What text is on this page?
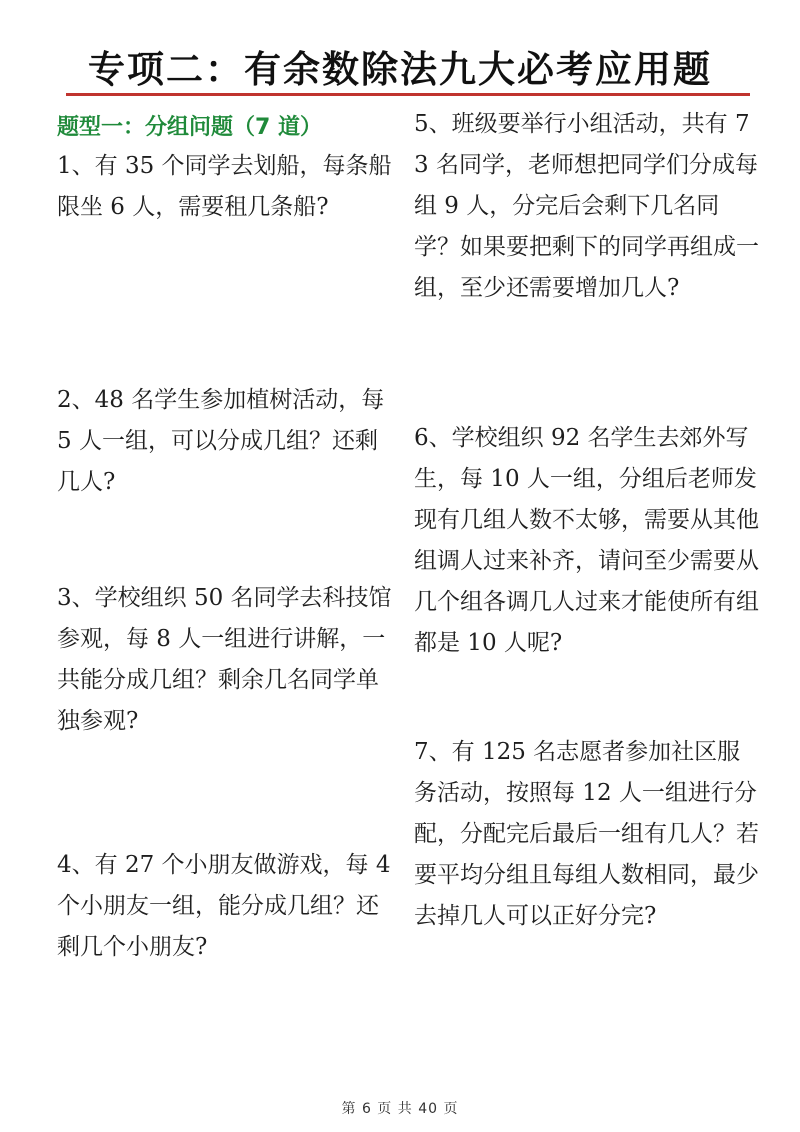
专项二：有余数除法九大必考应用题
题型一：分组问题（7 道）

1、有 35 个同学去划船，每条船限坐 6 人，需要租几条船?

2、48 名学生参加植树活动，每 5 人一组，可以分成几组？还剩几人?

3、学校组织 50 名同学去科技馆参观，每 8 人一组进行讲解，一共能分成几组？剩余几名同学单独参观?

4、有 27 个小朋友做游戏，每 4 个小朋友一组，能分成几组？还剩几个小朋友?

5、班级要举行小组活动，共有 73 名同学，老师想把同学们分成每组 9 人，分完后会剩下几名同学？如果要把剩下的同学再组成一组，至少还需要增加几人?

6、学校组织 92 名学生去郊外写生，每 10 人一组，分组后老师发现有几组人数不太够，需要从其他组调人过来补齐，请问至少需要从几个组各调几人过来才能使所有组都是 10 人呢?

7、有 125 名志愿者参加社区服务活动，按照每 12 人一组进行分配，分配完后最后一组有几人？若要平均分组且每组人数相同，最少去掉几人可以正好分完?

第 6 页 共 40 页
